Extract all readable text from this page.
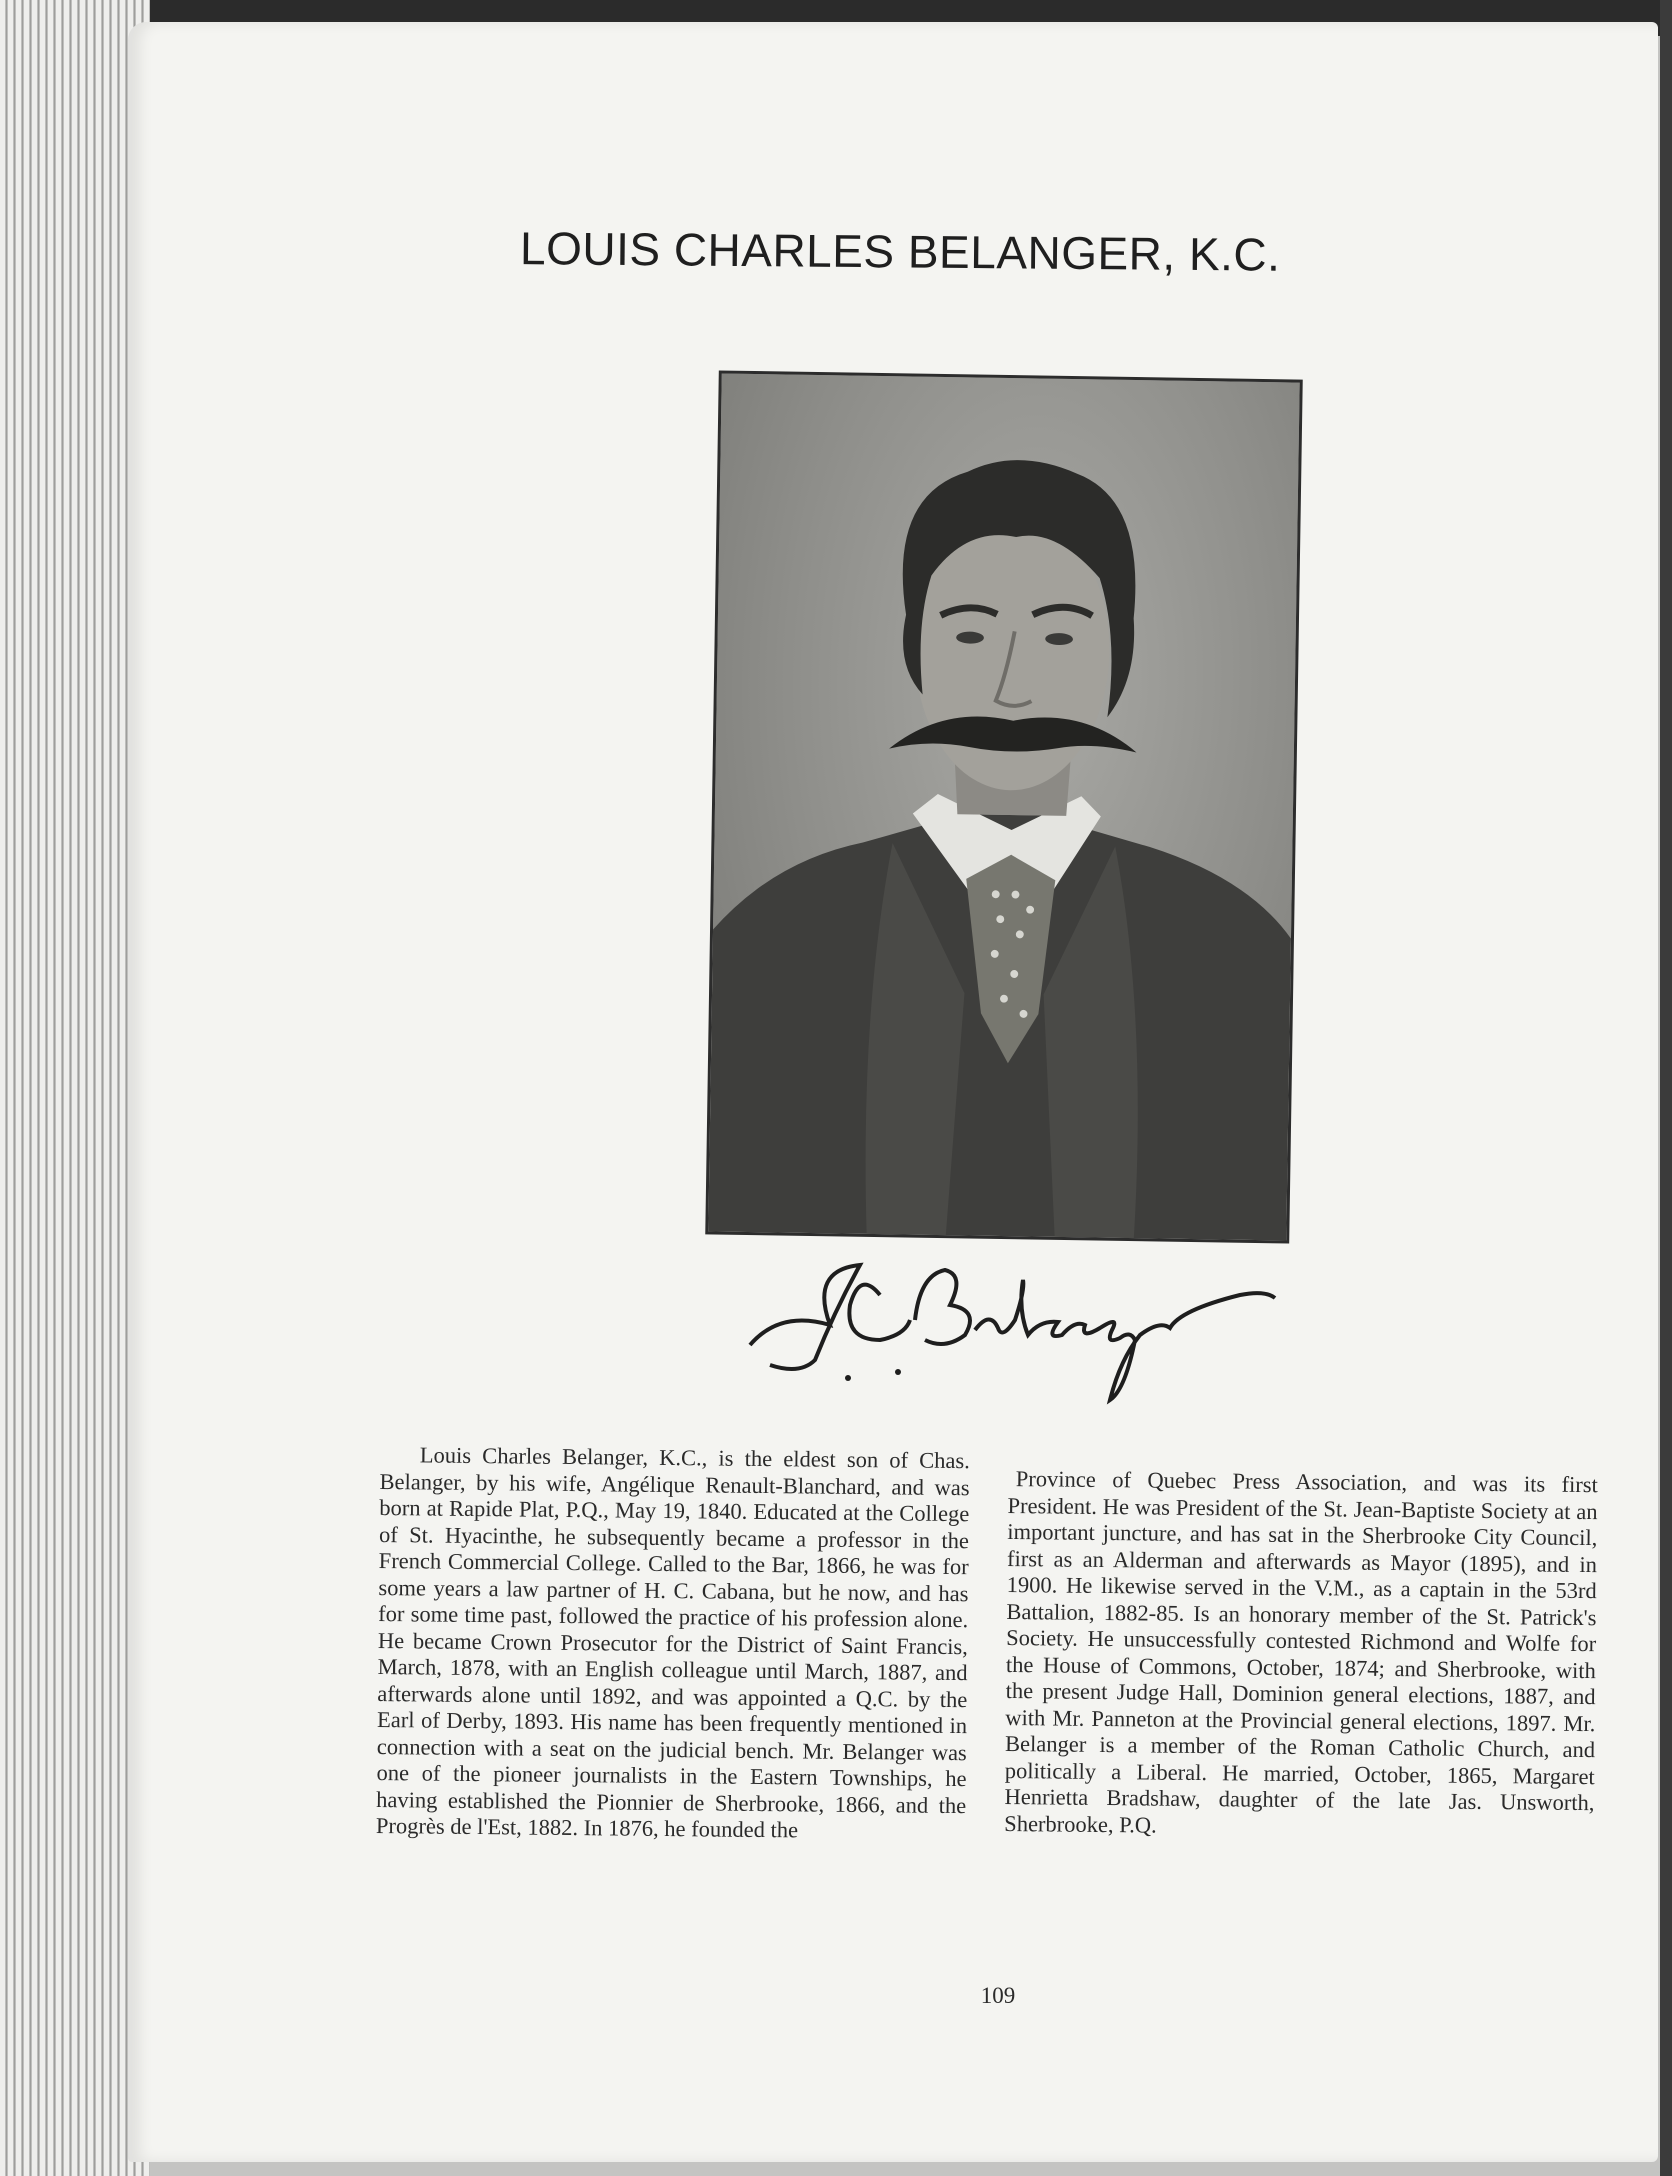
LOUIS CHARLES BELANGER, K.C.

Louis Charles Belanger, K.C., is the eldest son of Chas. Belanger, by his wife, Angélique Renault-Blanchard, and was born at Rapide Plat, P.Q., May 19, 1840. Educated at the College of St. Hyacinthe, he subsequently became a professor in the French Commercial College. Called to the Bar, 1866, he was for some years a law partner of H. C. Cabana, but he now, and has for some time past, followed the practice of his profession alone. He became Crown Prosecutor for the District of Saint Francis, March, 1878, with an English colleague until March, 1887, and afterwards alone until 1892, and was appointed a Q.C. by the Earl of Derby, 1893. His name has been frequently mentioned in connection with a seat on the judicial bench. Mr. Belanger was one of the pioneer journalists in the Eastern Townships, he having established the Pionnier de Sherbrooke, 1866, and the Progrès de l'Est, 1882. In 1876, he founded the

Province of Quebec Press Association, and was its first President. He was President of the St. Jean-Baptiste Society at an important juncture, and has sat in the Sherbrooke City Council, first as an Alderman and afterwards as Mayor (1895), and in 1900. He likewise served in the V.M., as a captain in the 53rd Battalion, 1882-85. Is an honorary member of the St. Patrick's Society. He unsuccessfully contested Richmond and Wolfe for the House of Commons, October, 1874; and Sherbrooke, with the present Judge Hall, Dominion general elections, 1887, and with Mr. Panneton at the Provincial general elections, 1897. Mr. Belanger is a member of the Roman Catholic Church, and politically a Liberal. He married, October, 1865, Margaret Henrietta Bradshaw, daughter of the late Jas. Unsworth, Sherbrooke, P.Q.

109
